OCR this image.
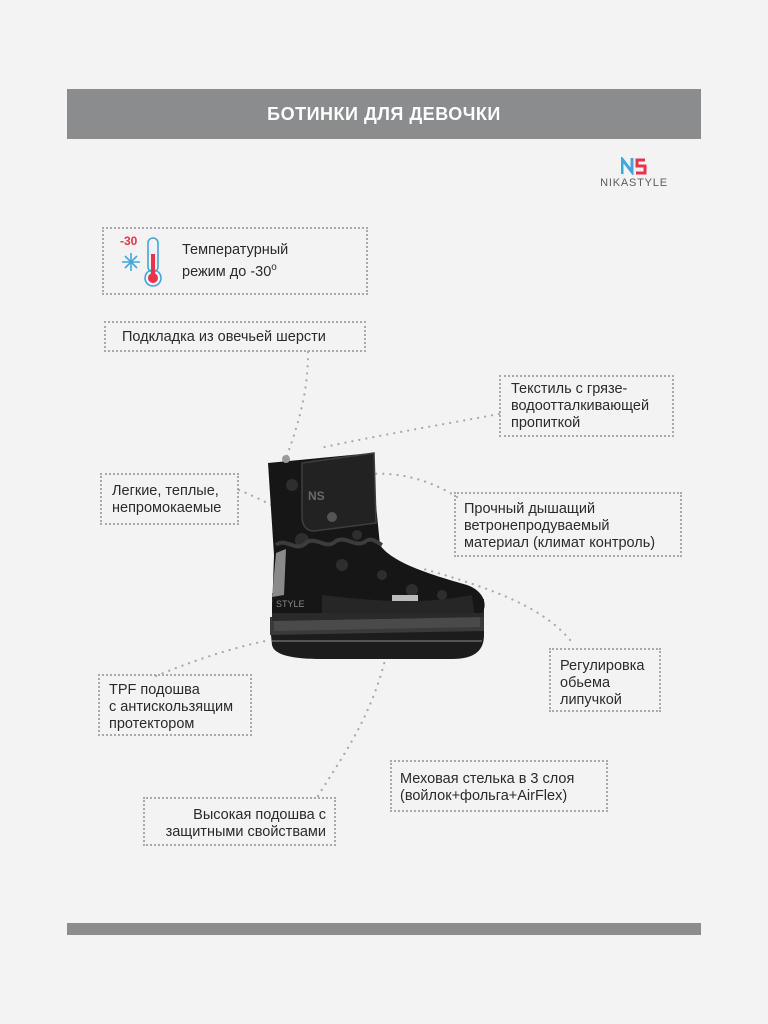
БОТИНКИ ДЛЯ ДЕВОЧКИ
NIKASTYLE
-30
Температурный
режим до -30$^o$
Подкладка из овечьей шерсти
Текстиль с грязе-
водоотталкивающей
пропиткой
Легкие, теплые,
непромокаемые	Прочный дышащий
ветронепродуваемый
материал (климат контроль)
Регулировка
обьема
липучкой
TPF подошва
с антискользящим
протектором
Меховая стелька в 3 слоя
(войлок+фольга+AirFlex)
Высокая подошва с
защитными свойствами
NS
STYLE
